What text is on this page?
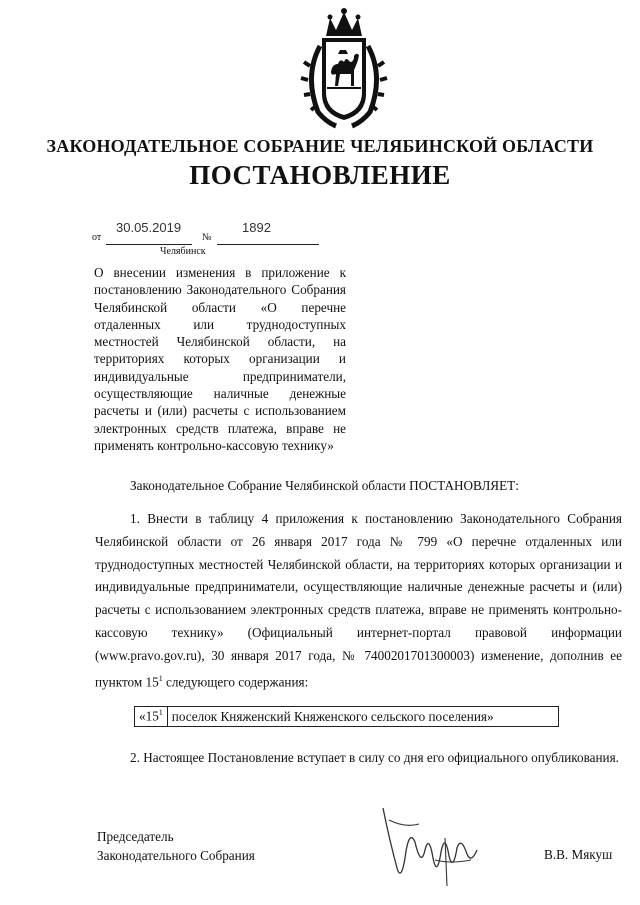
ЗАКОНОДАТЕЛЬНОЕ СОБРАНИЕ ЧЕЛЯБИНСКОЙ ОБЛАСТИ
ПОСТАНОВЛЕНИЕ
от
30.05.2019
№
1892
Челябинск
О внесении изменения в приложение к постановлению Законодательного Собрания Челябинской области «О перечне отдаленных или труднодоступных местностей Челябинской области, на территориях которых организации и индивидуальные предприниматели, осуществляющие наличные денежные расчеты и (или) расчеты с использованием электронных средств платежа, вправе не применять контрольно-кассовую технику»
Законодательное Собрание Челябинской области ПОСТАНОВЛЯЕТ:
1. Внести в таблицу 4 приложения к постановлению Законодательного Собрания Челябинской области от 26 января 2017 года № 799 «О перечне отдаленных или труднодоступных местностей Челябинской области, на территориях которых организации и индивидуальные предприниматели, осуществляющие наличные денежные расчеты и (или) расчеты с использованием электронных средств платежа, вправе не применять контрольно-кассовую технику» (Официальный интернет-портал правовой информации (www.pravo.gov.ru), 30 января 2017 года, № 7400201701300003) изменение, дополнив ее пунктом $15^1$ следующего содержания:
«$15^1$	поселок Княженский Княженского сельского поселения»
2. Настоящее Постановление вступает в силу со дня его официального опубликования.
Председатель
Законодательного Собрания	В.В. Мякуш
